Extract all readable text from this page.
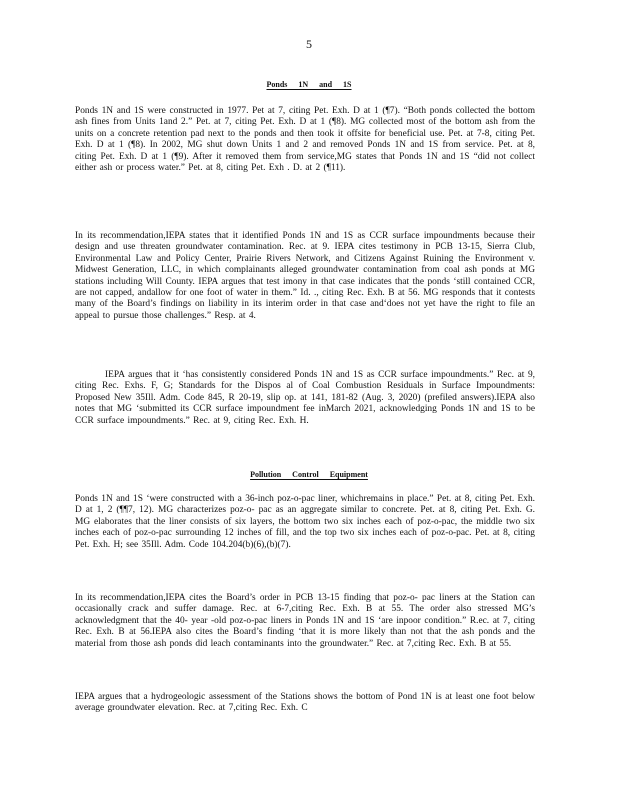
5
Ponds 1N and 1S

Ponds 1N and 1S were constructed in 1977. Pet at 7, citing Pet. Exh. D at 1 (¶7). “Both ponds collected the bottom ash fines from Units 1and 2.” Pet. at 7, citing Pet. Exh. D at 1 (¶8). MG collected most of the bottom ash from the units on a concrete retention pad next to the ponds and then took it offsite for beneficial use. Pet. at 7-8, citing Pet. Exh. D at 1 (¶8). In 2002, MG shut down Units 1 and 2 and removed Ponds 1N and 1S from service. Pet. at 8, citing Pet. Exh. D at 1 (¶9). After it removed them from service,MG states that Ponds 1N and 1S “did not collect either ash or process water.” Pet. at 8, citing Pet. Exh . D. at 2 (¶11).

In its recommendation,IEPA states that it identified Ponds 1N and 1S as CCR surface impoundments because their design and use threaten groundwater contamination. Rec. at 9. IEPA cites testimony in PCB 13-15, Sierra Club, Environmental Law and Policy Center, Prairie Rivers Network, and Citizens Against Ruining the Environment v. Midwest Generation, LLC, in which complainants alleged groundwater contamination from coal ash ponds at MG stations including Will County. IEPA argues that test imony in that case indicates that the ponds ‘still contained CCR, are not capped, andallow for one foot of water in them.” Id. ., citing Rec. Exh. B at 56. MG responds that it contests many of the Board’s findings on liability in its interim order in that case and‘does not yet have the right to file an appeal to pursue those challenges.” Resp. at 4.

IEPA argues that it ‘has consistently considered Ponds 1N and 1S as CCR surface impoundments.” Rec. at 9, citing Rec. Exhs. F, G; Standards for the Dispos al of Coal Combustion Residuals in Surface Impoundments: Proposed New 35Ill. Adm. Code 845, R 20-19, slip op. at 141, 181-82 (Aug. 3, 2020) (prefiled answers).IEPA also notes that MG ‘submitted its CCR surface impoundment fee inMarch 2021, acknowledging Ponds 1N and 1S to be CCR surface impoundments.” Rec. at 9, citing Rec. Exh. H.

Pollution Control Equipment

Ponds 1N and 1S ‘were constructed with a 36-inch poz-o-pac liner, whichremains in place.” Pet. at 8, citing Pet. Exh. D at 1, 2 (¶¶7, 12). MG characterizes poz-o- pac as an aggregate similar to concrete. Pet. at 8, citing Pet. Exh. G. MG elaborates that the liner consists of six layers, the bottom two six inches each of poz-o-pac, the middle two six inches each of poz-o-pac surrounding 12 inches of fill, and the top two six inches each of poz-o-pac. Pet. at 8, citing Pet. Exh. H; see 35Ill. Adm. Code 104.204(b)(6),(b)(7).

In its recommendation,IEPA cites the Board’s order in PCB 13-15 finding that poz-o- pac liners at the Station can occasionally crack and suffer damage. Rec. at 6-7,citing Rec. Exh. B at 55. The order also stressed MG’s acknowledgment that the 40- year -old poz-o-pac liners in Ponds 1N and 1S ‘are inpoor condition.” R.ec. at 7, citing Rec. Exh. B at 56.IEPA also cites the Board’s finding ‘that it is more likely than not that the ash ponds and the material from those ash ponds did leach contaminants into the groundwater.” Rec. at 7,citing Rec. Exh. B at 55.

IEPA argues that a hydrogeologic assessment of the Stations shows the bottom of Pond 1N is at least one foot below average groundwater elevation. Rec. at 7,citing Rec. Exh. C
